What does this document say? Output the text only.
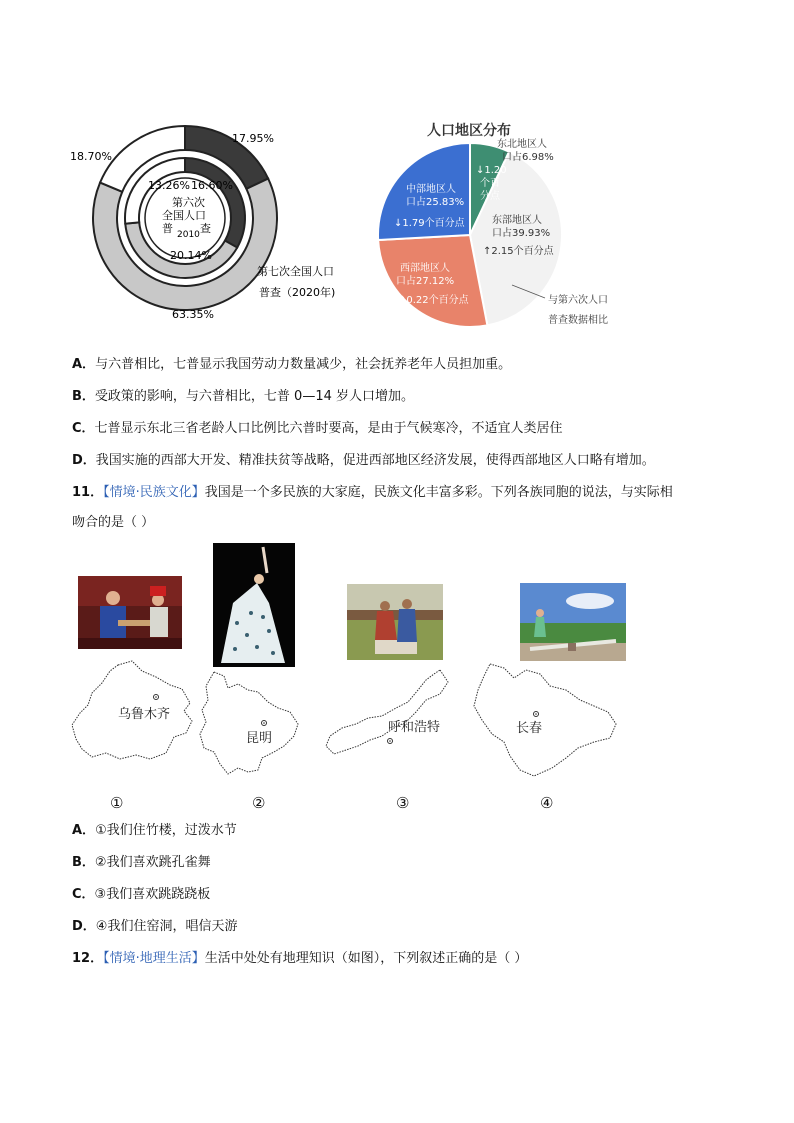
17.95%
18.70%
63.35%
13.26% 16.60%
20.14%
第六次
全国人口
普 查
2010
第七次全国人口
普查（2020年)
人口地区分布
东北地区人
口占6.98%
↓1.20
个百
分点
中部地区人
口占25.83%
↓1.79个百分点	东部地区人
口占39.93%
↑2.15个百分点
西部地区人
口占27.12%
↑0.22个百分点	与第六次人口
普查数据相比
A．与六普相比，七普显示我国劳动力数量减少，社会抚养老年人员担加重。
B．受政策的影响，与六普相比，七普 0—14 岁人口增加。
C．七普显示东北三省老龄人口比例比六普时要高，是由于气候寒冷，不适宜人类居住
D．我国实施的西部大开发、精准扶贫等战略，促进西部地区经济发展，使得西部地区人口略有增加。
11．【情境·民族文化】我国是一个多民族的大家庭，民族文化丰富多彩。下列各族同胞的说法，与实际相
吻合的是（ ）
乌鲁木齐
昆明
呼和浩特	长春
①	②	③	④
A．①我们住竹楼，过泼水节
B．②我们喜欢跳孔雀舞
C．③我们喜欢跳跷跷板
D．④我们住窑洞，唱信天游
12．【情境·地理生活】生活中处处有地理知识（如图），下列叙述正确的是（ ）
